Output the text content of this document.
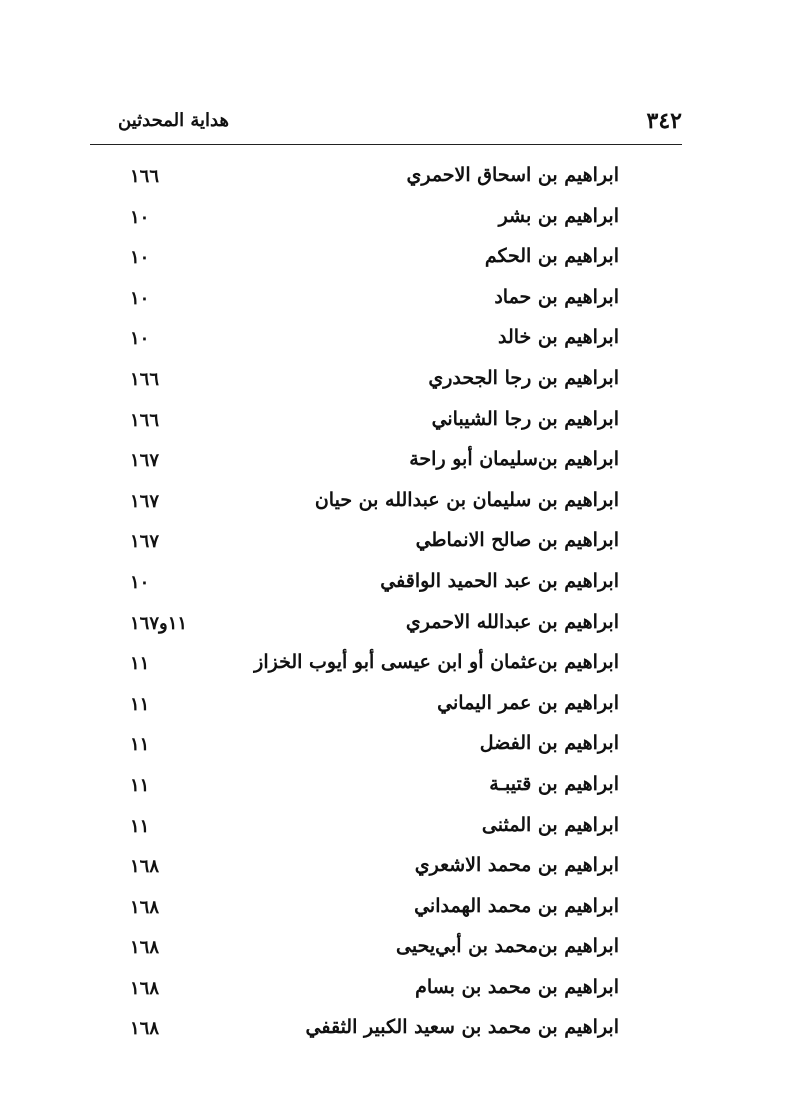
٣٤٢
هداية المحدثين
ابراهيم بن اسحاق الاحمري
١٦٦
ابراهيم بن بشر
١٠
ابراهيم بن الحكم
١٠
ابراهيم بن حماد
١٠
ابراهيم بن خالد
١٠
ابراهيم بن رجا الجحدري
١٦٦
ابراهيم بن رجا الشيباني
١٦٦
ابراهيم بن‌سليمان أبو راحة
١٦٧
ابراهيم بن سليمان بن عبدالله بن حيان
١٦٧
ابراهيم بن صالح الانماطي
١٦٧
ابراهيم بن عبد الحميد الواقفي
١٠
ابراهيم بن عبدالله الاحمري
١١و١٦٧
ابراهيم بن‌عثمان أو ابن عيسى أبو أيوب الخزاز
١١
ابراهيم بن عمر اليماني
١١
ابراهيم بن الفضل
١١
ابراهيم بن قتيبـة
١١
ابراهيم بن المثنى
١١
ابراهيم بن محمد الاشعري
١٦٨
ابراهيم بن محمد الهمداني
١٦٨
ابراهيم بن‌محمد بن أبي‌يحيى
١٦٨
ابراهيم بن محمد بن بسام
١٦٨
ابراهيم بن محمد بن سعيد الكبير الثقفي
١٦٨
